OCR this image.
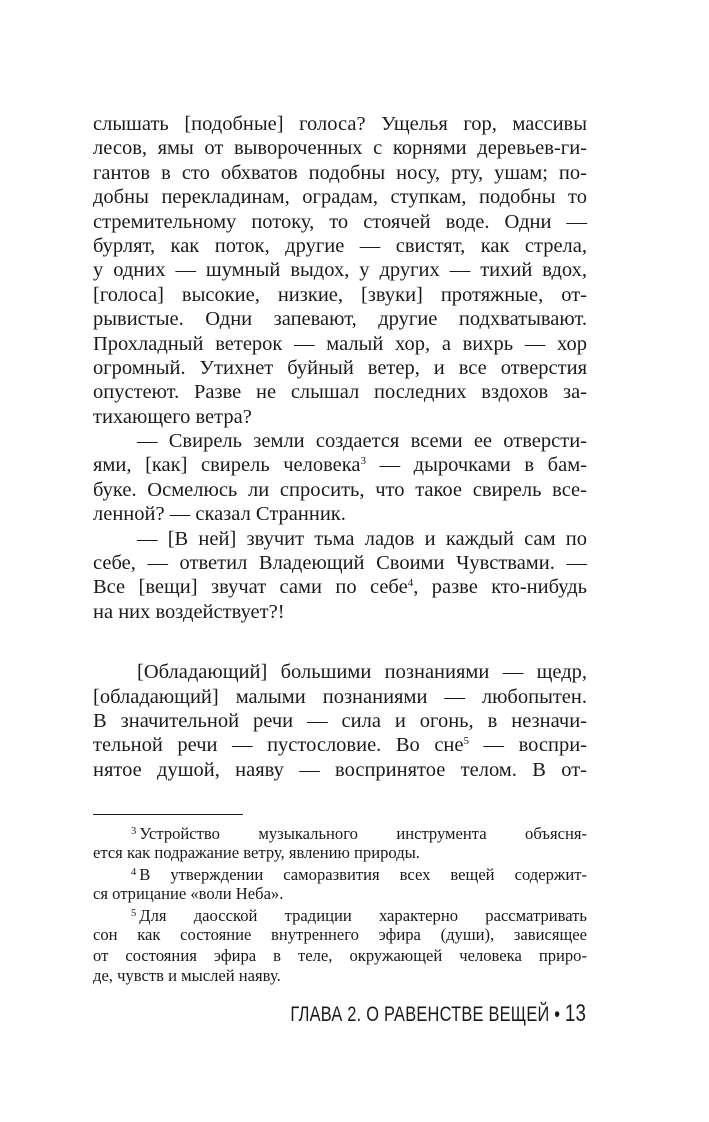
слышать [подобные] голоса? Ущелья гор, массивы
лесов, ямы от вывороченных с корнями деревьев-ги-
гантов в сто обхватов подобны носу, рту, ушам; по-
добны перекладинам, оградам, ступкам, подобны то
стремительному потоку, то стоячей воде. Одни —
бурлят, как поток, другие — свистят, как стрела,
у одних — шумный выдох, у других — тихий вдох,
[голоса] высокие, низкие, [звуки] протяжные, от-
рывистые. Одни запевают, другие подхватывают.
Прохладный ветерок — малый хор, а вихрь — хор
огромный. Утихнет буйный ветер, и все отверстия
опустеют. Разве не слышал последних вздохов за-
тихающего ветра?
— Свирель земли создается всеми ее отверсти-
ями, [как] свирель человека$^3$ — дырочками в бам-
буке. Осмелюсь ли спросить, что такое свирель все-
ленной? — сказал Странник.
— [В ней] звучит тьма ладов и каждый сам по
себе, — ответил Владеющий Своими Чувствами. —
Все [вещи] звучат сами по себе$^4$, разве кто-нибудь
на них воздействует?!
[Обладающий] большими познаниями — щедр,
[обладающий] малыми познаниями — любопытен.
В значительной речи — сила и огонь, в незначи-
тельной речи — пустословие. Во сне$^5$ — воспри-
нятое душой, наяву — воспринятое телом. В от-
$^3$ Устройство музыкального инструмента объясня-
ется как подражание ветру, явлению природы.
$^4$ В утверждении саморазвития всех вещей содержит-
ся отрицание «воли Неба».
$^5$ Для даосской традиции характерно рассматривать
сон как состояние внутреннего эфира (души), зависящее
от состояния эфира в теле, окружающей человека приро-
де, чувств и мыслей наяву.
ГЛАВА 2. О РАВЕНСТВЕ ВЕЩЕЙ • 13
